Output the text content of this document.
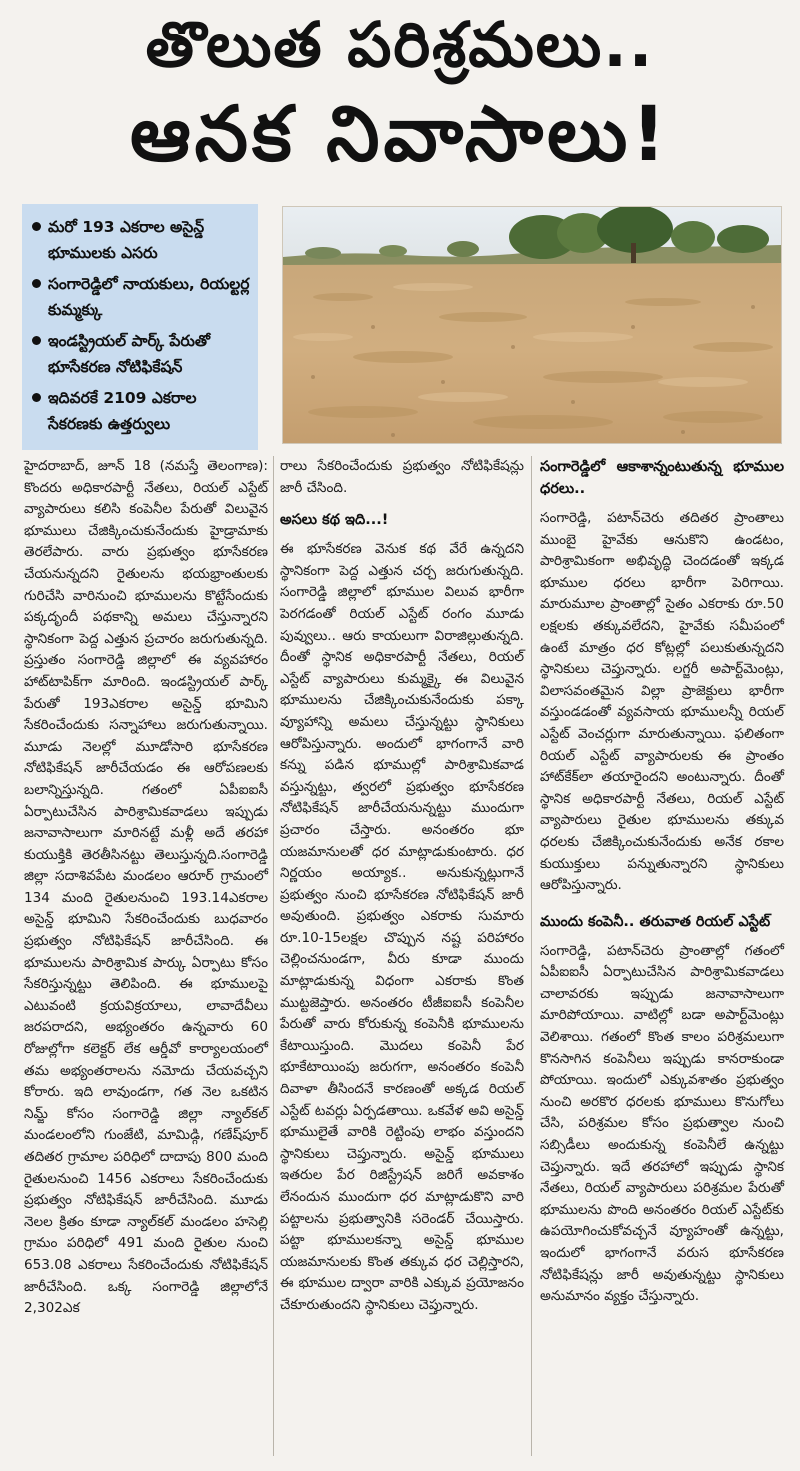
తొలుత పరిశ్రమలు..
ఆనక నివాసాలు!
మరో 193 ఎకరాల అసైన్డ్ భూములకు ఎసరు
సంగారెడ్డిలో నాయకులు, రియల్టర్ల కుమ్మక్కు
ఇండస్ట్రియల్ పార్క్ పేరుతో భూసేకరణ నోటిఫికేషన్
ఇదివరకే 2109 ఎకరాల సేకరణకు ఉత్తర్వులు

హైదరాబాద్, జూన్ 18 (నమస్తే తెలంగాణ): కొందరు అధికారపార్టీ నేతలు, రియల్ ఎస్టేట్ వ్యాపారులు కలిసి కంపెనీల పేరుతో విలువైన భూములు చేజిక్కించుకునేందుకు హైడ్రామాకు తెరలేపారు. వారు ప్రభుత్వం భూసేకరణ చేయనున్నదని రైతులను భయభ్రాంతులకు గురిచేసి వారినుంచి భూములను కొట్టేసేందుకు పక్కదృందీ పథకాన్ని అమలు చేస్తున్నారని స్థానికంగా పెద్ద ఎత్తున ప్రచారం జరుగుతున్నది. ప్రస్తుతం సంగారెడ్డి జిల్లాలో ఈ వ్యవహారం హాట్‌టాపిక్‌గా మారింది. ఇండస్ట్రియల్ పార్క్ పేరుతో 193ఎకరాల అసైన్డ్ భూమిని సేకరించేందుకు సన్నాహాలు జరుగుతున్నాయి. మూడు నెలల్లో మూడోసారి భూసేకరణ నోటిఫికేషన్ జారీచేయడం ఈ ఆరోపణలకు బలాన్నిస్తున్నది. గతంలో ఏపీఐఐసీ ఏర్పాటుచేసిన పారిశ్రామికవాడలు ఇప్పుడు జనావాసాలుగా మారినట్టే మళ్లీ అదే తరహా కుయుక్తికి తెరతీసినట్టు తెలుస్తున్నది.సంగారెడ్డి జిల్లా సదాశివపేట మండలం ఆరూర్ గ్రామంలో 134 మంది రైతులనుంచి 193.14ఎకరాల అసైన్డ్ భూమిని సేకరించేందుకు బుధవారం ప్రభుత్వం నోటిఫికేషన్ జారీచేసింది. ఈ భూములను పారిశ్రామిక పార్కు ఏర్పాటు కోసం సేకరిస్తున్నట్టు తెలిపింది. ఈ భూములపై ఎటువంటి క్రయవిక్రయాలు, లావాదేవీలు జరపరాదని, అభ్యంతరం ఉన్నవారు 60 రోజుల్లోగా కలెక్టర్ లేక ఆర్డీవో కార్యాలయంలో తమ అభ్యంతరాలను నమోదు చేయవచ్చని కోరారు. ఇది లావుండగా, గత నెల ఒకటిన నిమ్జ్ కోసం సంగారెడ్డి జిల్లా న్యాల్‌కల్ మండలంలోని గుంజేటి, మామిడ్గి, గణేష్‌పూర్ తదితర గ్రామాల పరిధిలో దాదాపు 800 మంది రైతులనుంచి 1456 ఎకరాలు సేకరించేందుకు ప్రభుత్వం నోటిఫికేషన్ జారీచేసింది. మూడు నెలల క్రితం కూడా న్యాల్‌కల్ మండలం హసెల్లి గ్రామం పరిధిలో 491 మంది రైతుల నుంచి 653.08 ఎకరాలు సేకరించేందుకు నోటిఫికేషన్ జారీచేసింది. ఒక్క సంగారెడ్డి జిల్లాలోనే 2,302ఎక

రాలు సేకరించేందుకు ప్రభుత్వం నోటిఫికేషన్లు జారీ చేసింది.

అసలు కథ ఇది...!

ఈ భూసేకరణ వెనుక కథ వేరే ఉన్నదని స్థానికంగా పెద్ద ఎత్తున చర్చ జరుగుతున్నది. సంగారెడ్డి జిల్లాలో భూముల విలువ భారీగా పెరగడంతో రియల్ ఎస్టేట్ రంగం మూడు పువ్వులు.. ఆరు కాయలుగా విరాజిల్లుతున్నది. దీంతో స్థానిక అధికారపార్టీ నేతలు, రియల్ ఎస్టేట్ వ్యాపారులు కుమ్మక్కై ఈ విలువైన భూములను చేజిక్కించుకునేందుకు పక్కా వ్యూహాన్ని అమలు చేస్తున్నట్టు స్థానికులు ఆరోపిస్తున్నారు. అందులో భాగంగానే వారి కన్ను పడిన భూముల్లో పారిశ్రామికవాడ వస్తున్నట్టు, త్వరలో ప్రభుత్వం భూసేకరణ నోటిఫికేషన్ జారీచేయనున్నట్టు ముందుగా ప్రచారం చేస్తారు. అనంతరం భూ యజమానులతో ధర మాట్లాడుకుంటారు. ధర నిర్ణయం అయ్యాక.. అనుకున్నట్లుగానే ప్రభుత్వం నుంచి భూసేకరణ నోటిఫికేషన్ జారీ అవుతుంది. ప్రభుత్వం ఎకరాకు సుమారు రూ.10-15లక్షల చొప్పున నష్ట పరిహారం చెల్లించనుండగా, వీరు కూడా ముందు మాట్లాడుకున్న విధంగా ఎకరాకు కొంత ముట్టజెప్తారు. అనంతరం టీజీఐఐసీ కంపెనీల పేరుతో వారు కోరుకున్న కంపెనీకి భూములను కేటాయిస్తుంది. మొదలు కంపెనీ పేర భూకేటాయింపు జరుగగా, అనంతరం కంపెనీ దివాళా తీసిందనే కారణంతో అక్కడ రియల్ ఎస్టేట్ టవర్లు ఏర్పడతాయి. ఒకవేళ అవి అసైన్డ్ భూములైతే వారికి రెట్టింపు లాభం వస్తుందని స్థానికులు చెప్తున్నారు. అసైన్డ్ భూములు ఇతరుల పేర రిజిస్ట్రేషన్ జరిగే అవకాశం లేనందున ముందుగా ధర మాట్లాడుకొని వారి పట్టాలను ప్రభుత్వానికి సరెండర్ చేయిస్తారు. పట్టా భూములకన్నా అసైన్డ్ భూముల యజమానులకు కొంత తక్కువ ధర చెల్లిస్తారని, ఈ భూముల ద్వారా వారికి ఎక్కువ ప్రయోజనం చేకూరుతుందని స్థానికులు చెప్తున్నారు.

సంగారెడ్డిలో ఆకాశాన్నంటుతున్న భూముల ధరలు..

సంగారెడ్డి, పటాన్‌చెరు తదితర ప్రాంతాలు ముంబై హైవేకు ఆనుకొని ఉండటం, పారిశ్రామికంగా అభివృద్ధి చెందడంతో ఇక్కడ భూముల ధరలు భారీగా పెరిగాయి. మారుమూల ప్రాంతాల్లో సైతం ఎకరాకు రూ.50 లక్షలకు తక్కువలేదని, హైవేకు సమీపంలో ఉంటే మాత్రం ధర కోట్లల్లో పలుకుతున్నదని స్థానికులు చెప్తున్నారు. లగ్జరీ అపార్ట్‌మెంట్లు, విలాసవంతమైన విల్లా ప్రాజెక్టులు భారీగా వస్తుండడంతో వ్యవసాయ భూములన్నీ రియల్ ఎస్టేట్ వెంచర్లుగా మారుతున్నాయి. ఫలితంగా రియల్ ఎస్టేట్ వ్యాపారులకు ఈ ప్రాంతం హాట్‌కేక్‌లా తయారైందని అంటున్నారు. దీంతో స్థానిక అధికారపార్టీ నేతలు, రియల్ ఎస్టేట్ వ్యాపారులు రైతుల భూములను తక్కువ ధరలకు చేజిక్కించుకునేందుకు అనేక రకాల కుయుక్తులు పన్నుతున్నారని స్థానికులు ఆరోపిస్తున్నారు.

ముందు కంపెనీ.. తరువాత రియల్ ఎస్టేట్

సంగారెడ్డి, పటాన్‌చెరు ప్రాంతాల్లో గతంలో ఏపీఐఐసీ ఏర్పాటుచేసిన పారిశ్రామికవాడలు చాలావరకు ఇప్పుడు జనావాసాలుగా మారిపోయాయి. వాటిల్లో బడా అపార్ట్‌మెంట్లు వెలిశాయి. గతంలో కొంత కాలం పరిశ్రమలుగా కొనసాగిన కంపెనీలు ఇప్పుడు కానరాకుండా పోయాయి. ఇందులో ఎక్కువశాతం ప్రభుత్వం నుంచి అరకొర ధరలకు భూములు కొనుగోలు చేసి, పరిశ్రమల కోసం ప్రభుత్వాల నుంచి సబ్సిడీలు అందుకున్న కంపెనీలే ఉన్నట్టు చెప్తున్నారు. ఇదే తరహాలో ఇప్పుడు స్థానిక నేతలు, రియల్ వ్యాపారులు పరిశ్రమల పేరుతో భూములను పొంది అనంతరం రియల్ ఎస్టేట్‌కు ఉపయోగించుకోవచ్చనే వ్యూహంతో ఉన్నట్టు, ఇందులో భాగంగానే వరుస భూసేకరణ నోటిఫికేషన్లు జారీ అవుతున్నట్టు స్థానికులు అనుమానం వ్యక్తం చేస్తున్నారు.
